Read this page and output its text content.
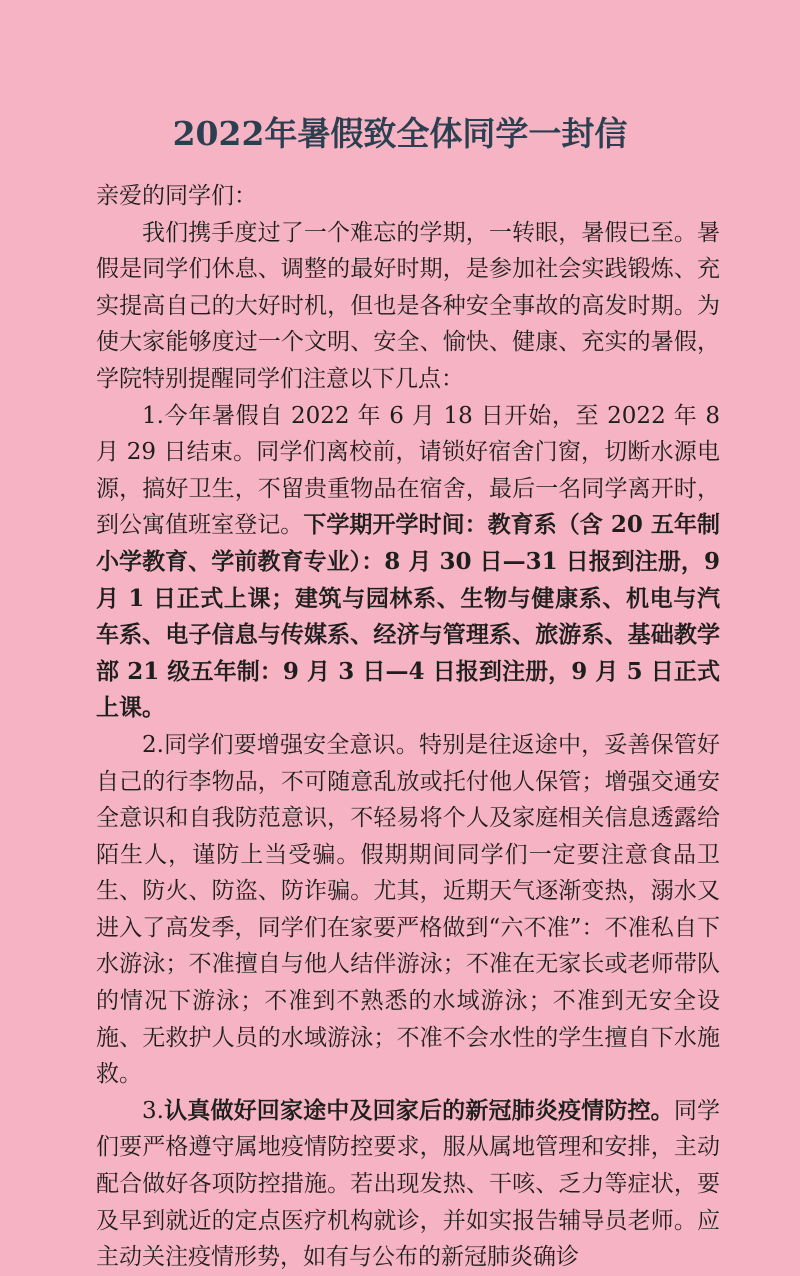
2022年暑假致全体同学一封信

亲爱的同学们：

我们携手度过了一个难忘的学期，一转眼，暑假已至。暑假是同学们休息、调整的最好时期，是参加社会实践锻炼、充实提高自己的大好时机，但也是各种安全事故的高发时期。为使大家能够度过一个文明、安全、愉快、健康、充实的暑假，学院特别提醒同学们注意以下几点：

1.今年暑假自 2022 年 6 月 18 日开始，至 2022 年 8 月 29 日结束。同学们离校前，请锁好宿舍门窗，切断水源电源，搞好卫生，不留贵重物品在宿舍，最后一名同学离开时，到公寓值班室登记。下学期开学时间：教育系（含 20 五年制小学教育、学前教育专业）：8 月 30 日—31 日报到注册，9 月 1 日正式上课；建筑与园林系、生物与健康系、机电与汽车系、电子信息与传媒系、经济与管理系、旅游系、基础教学部 21 级五年制：9 月 3 日—4 日报到注册，9 月 5 日正式上课。

2.同学们要增强安全意识。特别是往返途中，妥善保管好自己的行李物品，不可随意乱放或托付他人保管；增强交通安全意识和自我防范意识，不轻易将个人及家庭相关信息透露给陌生人，谨防上当受骗。假期期间同学们一定要注意食品卫生、防火、防盗、防诈骗。尤其，近期天气逐渐变热，溺水又进入了高发季，同学们在家要严格做到“六不准”：不准私自下水游泳；不准擅自与他人结伴游泳；不准在无家长或老师带队的情况下游泳；不准到不熟悉的水域游泳；不准到无安全设施、无救护人员的水域游泳；不准不会水性的学生擅自下水施救。

3.认真做好回家途中及回家后的新冠肺炎疫情防控。同学们要严格遵守属地疫情防控要求，服从属地管理和安排，主动配合做好各项防控措施。若出现发热、干咳、乏力等症状，要及早到就近的定点医疗机构就诊，并如实报告辅导员老师。应主动关注疫情形势，如有与公布的新冠肺炎确诊
